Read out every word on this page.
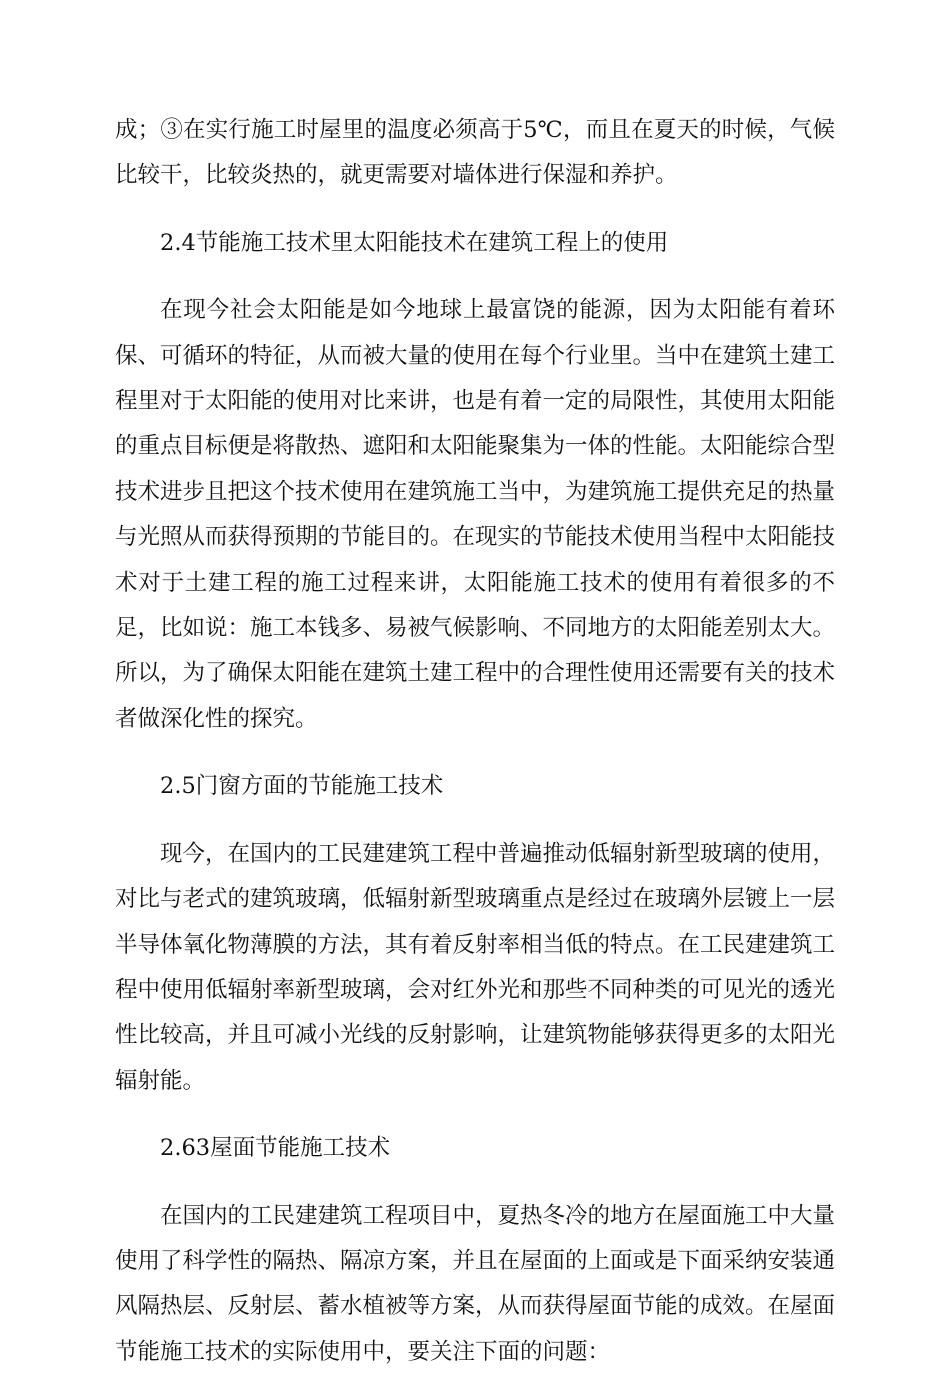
成；③在实行施工时屋里的温度必须高于5℃，而且在夏天的时候，气候比较干，比较炎热的，就更需要对墙体进行保湿和养护。

2.4节能施工技术里太阳能技术在建筑工程上的使用

在现今社会太阳能是如今地球上最富饶的能源，因为太阳能有着环保、可循环的特征，从而被大量的使用在每个行业里。当中在建筑土建工程里对于太阳能的使用对比来讲，也是有着一定的局限性，其使用太阳能的重点目标便是将散热、遮阳和太阳能聚集为一体的性能。太阳能综合型技术进步且把这个技术使用在建筑施工当中，为建筑施工提供充足的热量与光照从而获得预期的节能目的。在现实的节能技术使用当程中太阳能技术对于土建工程的施工过程来讲，太阳能施工技术的使用有着很多的不足，比如说：施工本钱多、易被气候影响、不同地方的太阳能差别太大。所以，为了确保太阳能在建筑土建工程中的合理性使用还需要有关的技术者做深化性的探究。

2.5门窗方面的节能施工技术

现今，在国内的工民建建筑工程中普遍推动低辐射新型玻璃的使用，对比与老式的建筑玻璃，低辐射新型玻璃重点是经过在玻璃外层镀上一层半导体氧化物薄膜的方法，其有着反射率相当低的特点。在工民建建筑工程中使用低辐射率新型玻璃，会对红外光和那些不同种类的可见光的透光性比较高，并且可减小光线的反射影响，让建筑物能够获得更多的太阳光辐射能。

2.63屋面节能施工技术

在国内的工民建建筑工程项目中，夏热冬冷的地方在屋面施工中大量使用了科学性的隔热、隔凉方案，并且在屋面的上面或是下面采纳安装通风隔热层、反射层、蓄水植被等方案，从而获得屋面节能的成效。在屋面节能施工技术的实际使用中，要关注下面的问题：
